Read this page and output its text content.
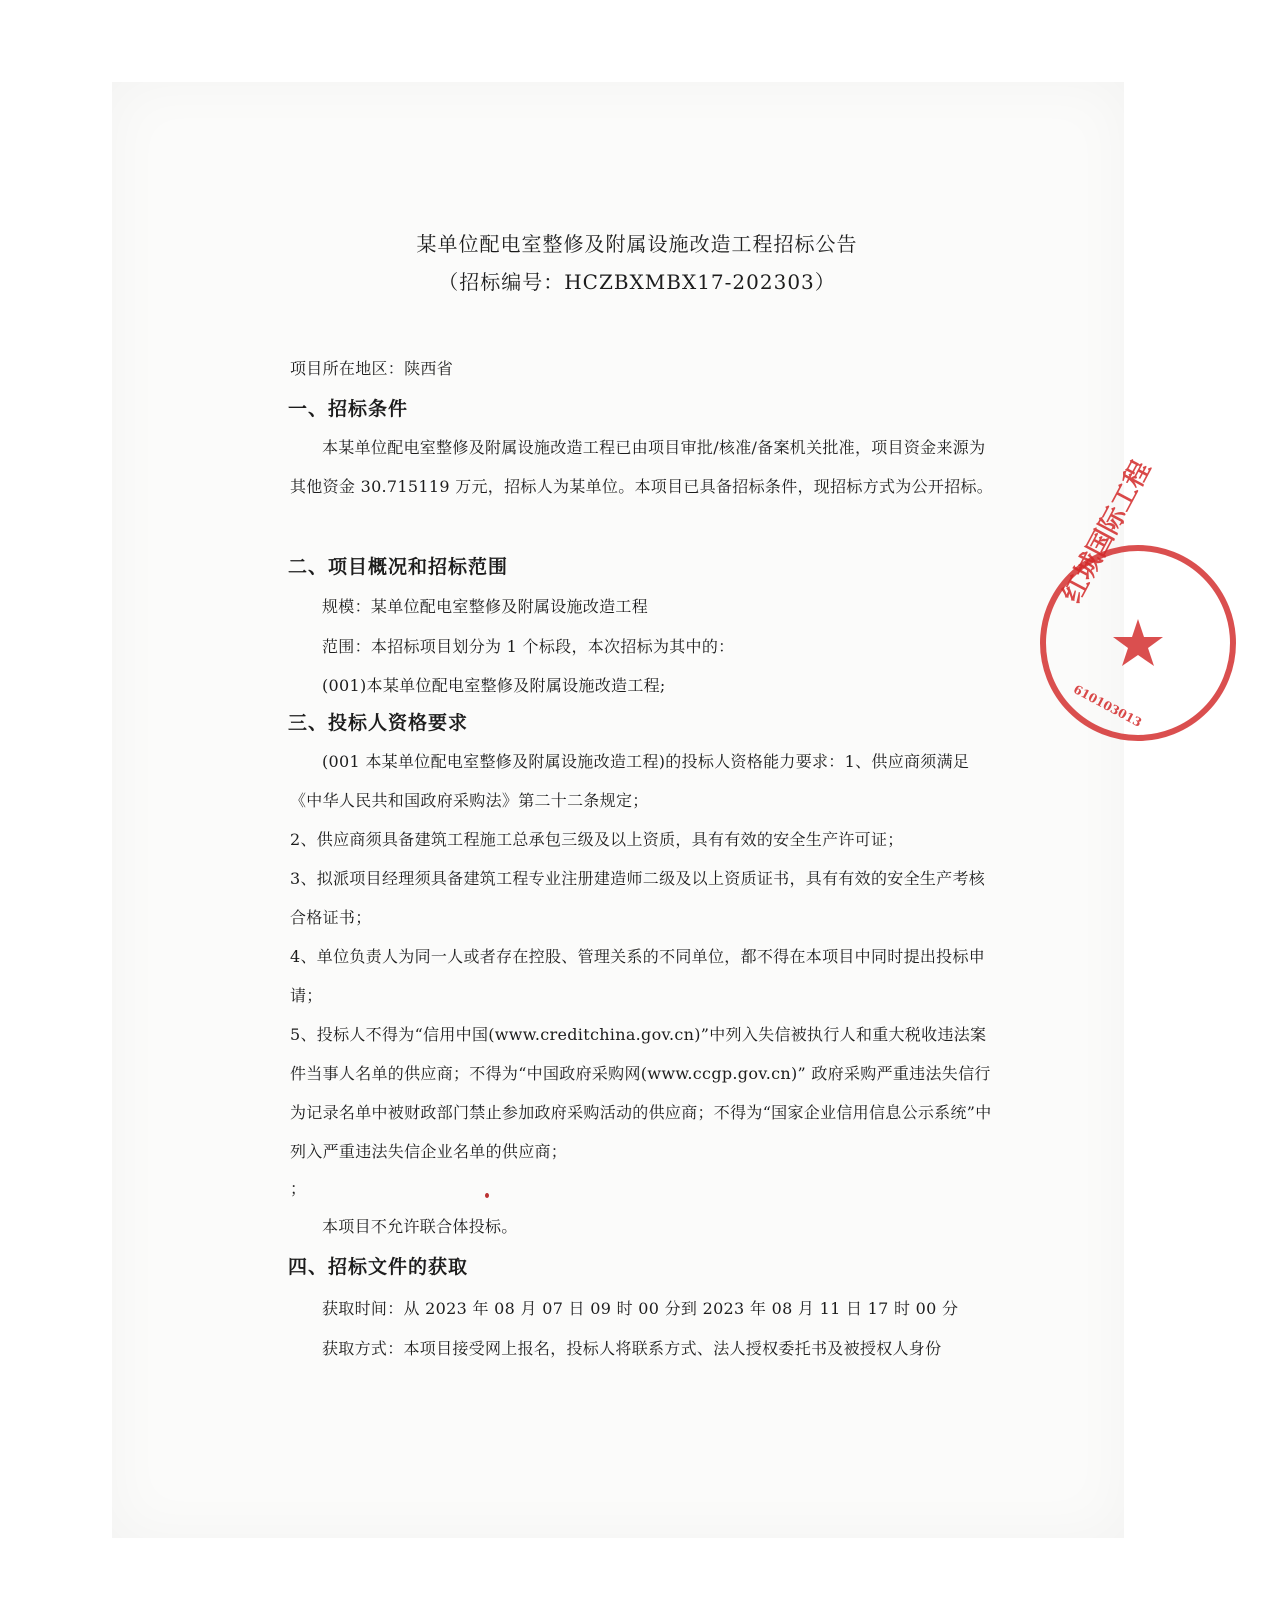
某单位配电室整修及附属设施改造工程招标公告
（招标编号：HCZBXMBX17-202303）
项目所在地区：陕西省
一、招标条件
本某单位配电室整修及附属设施改造工程已由项目审批/核准/备案机关批准，项目资金来源为其他资金 30.715119 万元，招标人为某单位。本项目已具备招标条件，现招标方式为公开招标。
二、项目概况和招标范围
规模：某单位配电室整修及附属设施改造工程
范围：本招标项目划分为 1 个标段，本次招标为其中的：
(001)本某单位配电室整修及附属设施改造工程;
三、投标人资格要求
(001 本某单位配电室整修及附属设施改造工程)的投标人资格能力要求：1、供应商须满足《中华人民共和国政府采购法》第二十二条规定；
2、供应商须具备建筑工程施工总承包三级及以上资质，具有有效的安全生产许可证；
3、拟派项目经理须具备建筑工程专业注册建造师二级及以上资质证书，具有有效的安全生产考核合格证书；
4、单位负责人为同一人或者存在控股、管理关系的不同单位，都不得在本项目中同时提出投标申请；
5、投标人不得为“信用中国(www.creditchina.gov.cn)”中列入失信被执行人和重大税收违法案件当事人名单的供应商；不得为“中国政府采购网(www.ccgp.gov.cn)” 政府采购严重违法失信行为记录名单中被财政部门禁止参加政府采购活动的供应商；不得为“国家企业信用信息公示系统”中列入严重违法失信企业名单的供应商；
；
本项目不允许联合体投标。
四、招标文件的获取
获取时间：从 2023 年 08 月 07 日 09 时 00 分到 2023 年 08 月 11 日 17 时 00 分
获取方式：本项目接受网上报名，投标人将联系方式、法人授权委托书及被授权人身份
红城国际工程
610103013
